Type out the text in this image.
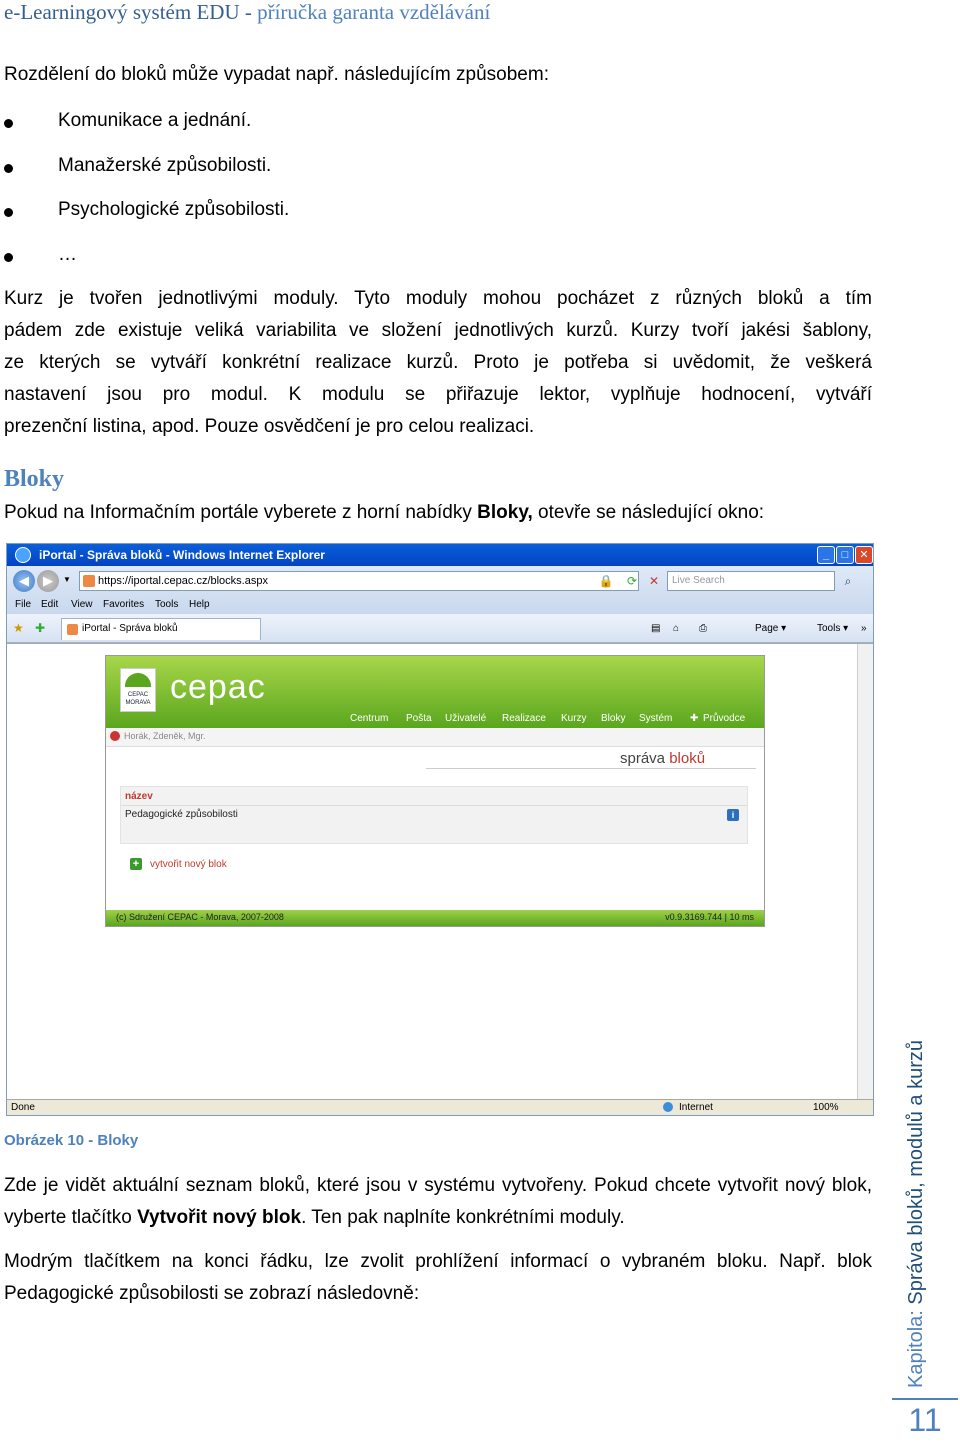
e-Learningový systém EDU - příručka garanta vzdělávání
Rozdělení do bloků může vypadat např. následujícím způsobem:
Komunikace a jednání.
Manažerské způsobilosti.
Psychologické způsobilosti.
…
Kurz je tvořen jednotlivými moduly. Tyto moduly mohou pocházet z různých bloků a tím
pádem zde existuje veliká variabilita ve složení jednotlivých kurzů. Kurzy tvoří jakési šablony,
ze kterých se vytváří konkrétní realizace kurzů. Proto je potřeba si uvědomit, že veškerá
nastavení jsou pro modul. K modulu se přiřazuje lektor, vyplňuje hodnocení, vytváří
prezenční listina, apod. Pouze osvědčení je pro celou realizaci.
Bloky
Pokud na Informačním portále vyberete z horní nabídky Bloky, otevře se následující okno:
iPortal - Správa bloků - Windows Internet Explorer	_	□	✕
◀	▶	▼	https://iportal.cepac.cz/blocks.aspx	🔒	⟳ ✕	Live Search	⌕
File Edit View Favorites Tools Help
★ ✚	iPortal - Správa bloků	▤ ⌂ ⎙	Page ▾	Tools ▾ »
CEPAC MORAVA cepac
Centrum Pošta Uživatelé Realizace Kurzy Bloky Systém ✚ Průvodce
Horák, Zdeněk, Mgr.
správa bloků
název
Pedagogické způsobilosti	i
+ vytvořit nový blok
(c) Sdružení CEPAC - Morava, 2007-2008	v0.9.3169.744 | 10 ms
Done	Internet	100%
Obrázek 10 - Bloky
Zde je vidět aktuální seznam bloků, které jsou v systému vytvořeny. Pokud chcete vytvořit nový blok, vyberte tlačítko Vytvořit nový blok. Ten pak naplníte konkrétními moduly.
Modrým tlačítkem na konci řádku, lze zvolit prohlížení informací o vybraném bloku. Např. blok Pedagogické způsobilosti se zobrazí následovně:
Kapitola: Správa bloků, modulů a kurzů
11
